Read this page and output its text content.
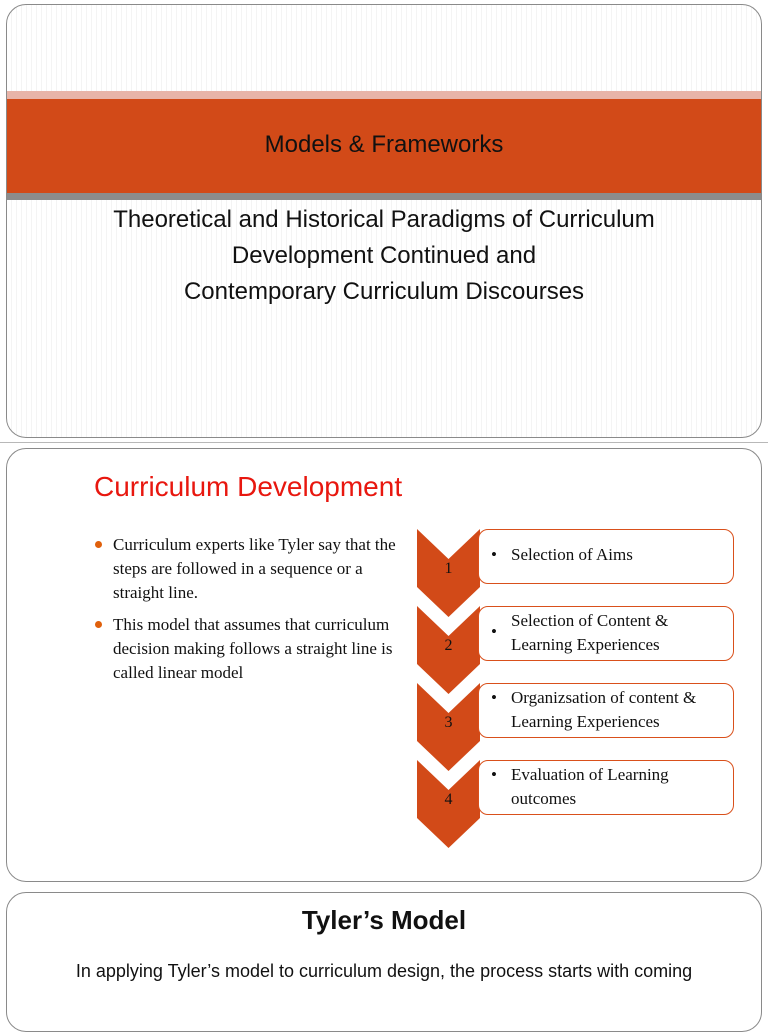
Models & Frameworks
Theoretical and Historical Paradigms of Curriculum
Development Continued and
Contemporary Curriculum Discourses
Curriculum Development
Curriculum experts like Tyler say that the steps are followed in a sequence or a straight line.
This model that assumes that curriculum decision making follows a straight line is called linear model
1
• Selection of Aims
2
•
Selection of Content & Learning Experiences
3
• Organizsation of content & Learning Experiences
4
• Evaluation of Learning outcomes
Tyler’s Model
In applying Tyler’s model to curriculum design, the process starts with coming
